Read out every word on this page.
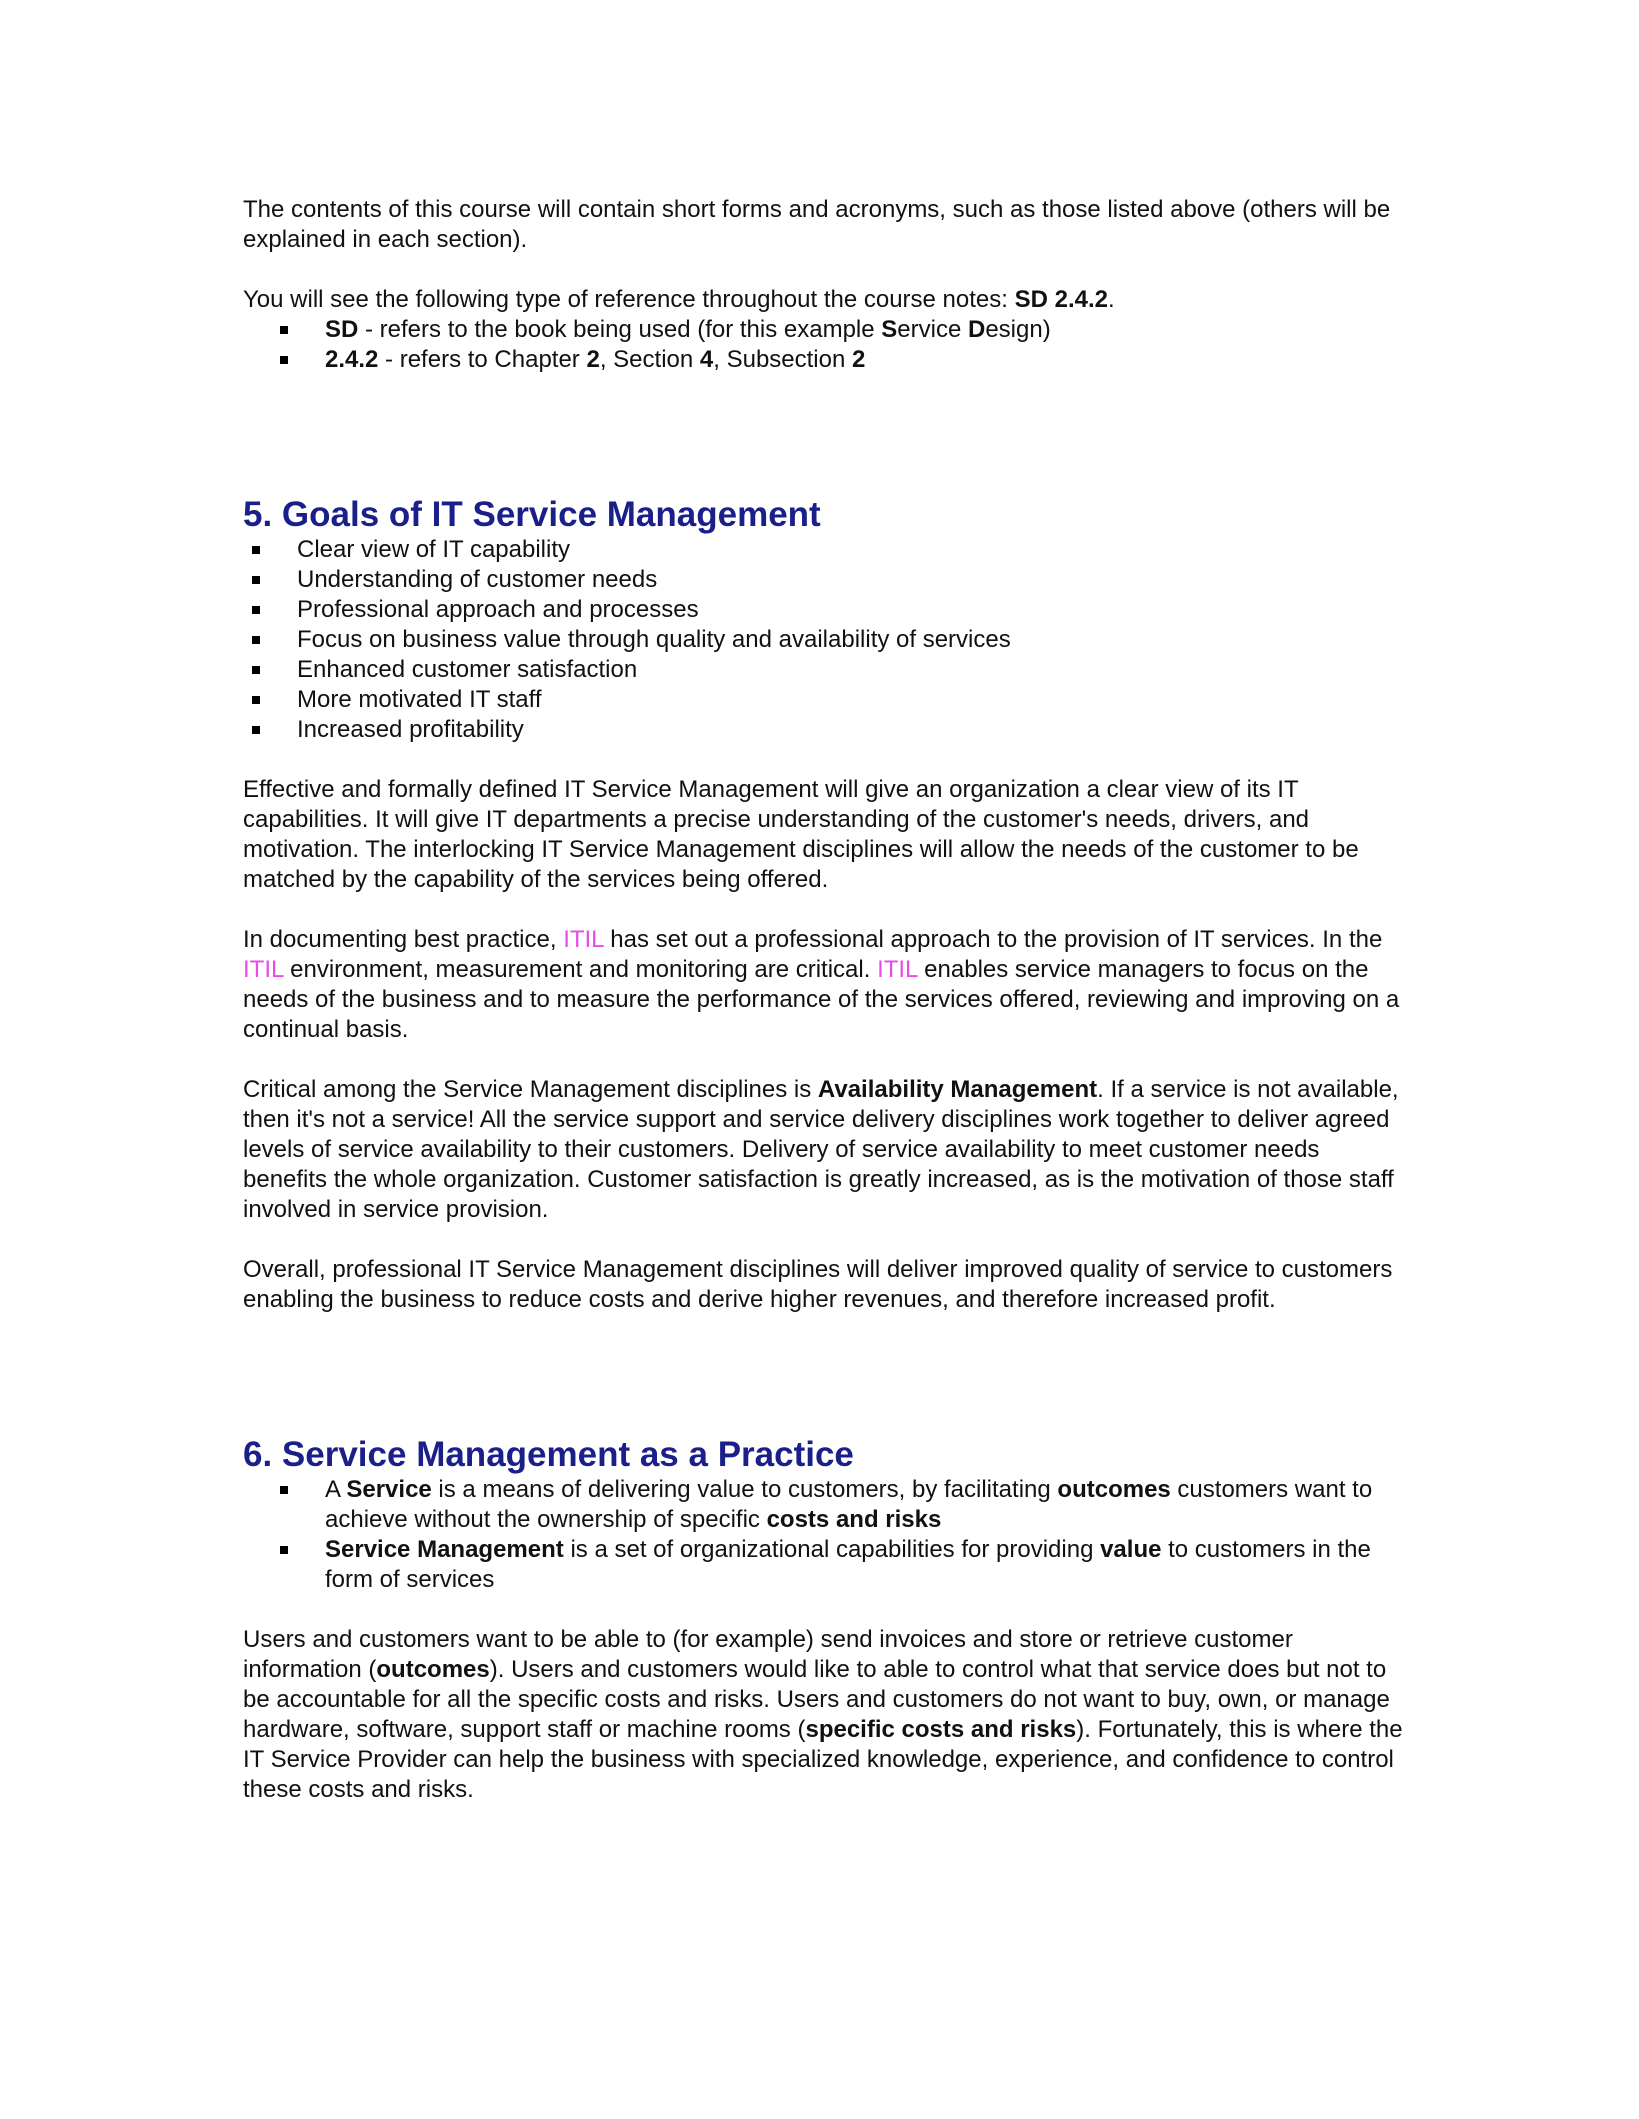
The contents of this course will contain short forms and acronyms, such as those listed above (others will be explained in each section).

You will see the following type of reference throughout the course notes: SD 2.4.2.

SD - refers to the book being used (for this example Service Design)
2.4.2 - refers to Chapter 2, Section 4, Subsection 2
5. Goals of IT Service Management
Clear view of IT capability
Understanding of customer needs
Professional approach and processes
Focus on business value through quality and availability of services
Enhanced customer satisfaction
More motivated IT staff
Increased profitability

Effective and formally defined IT Service Management will give an organization a clear view of its IT capabilities. It will give IT departments a precise understanding of the customer's needs, drivers, and motivation. The interlocking IT Service Management disciplines will allow the needs of the customer to be matched by the capability of the services being offered.

In documenting best practice, ITIL has set out a professional approach to the provision of IT services. In the ITIL environment, measurement and monitoring are critical. ITIL enables service managers to focus on the needs of the business and to measure the performance of the services offered, reviewing and improving on a continual basis.

Critical among the Service Management disciplines is Availability Management. If a service is not available, then it's not a service! All the service support and service delivery disciplines work together to deliver agreed levels of service availability to their customers. Delivery of service availability to meet customer needs benefits the whole organization. Customer satisfaction is greatly increased, as is the motivation of those staff involved in service provision.

Overall, professional IT Service Management disciplines will deliver improved quality of service to customers enabling the business to reduce costs and derive higher revenues, and therefore increased profit.

6. Service Management as a Practice
A Service is a means of delivering value to customers, by facilitating outcomes customers want to achieve without the ownership of specific costs and risks
Service Management is a set of organizational capabilities for providing value to customers in the form of services

Users and customers want to be able to (for example) send invoices and store or retrieve customer information (outcomes). Users and customers would like to able to control what that service does but not to be accountable for all the specific costs and risks. Users and customers do not want to buy, own, or manage hardware, software, support staff or machine rooms (specific costs and risks). Fortunately, this is where the IT Service Provider can help the business with specialized knowledge, experience, and confidence to control these costs and risks.
